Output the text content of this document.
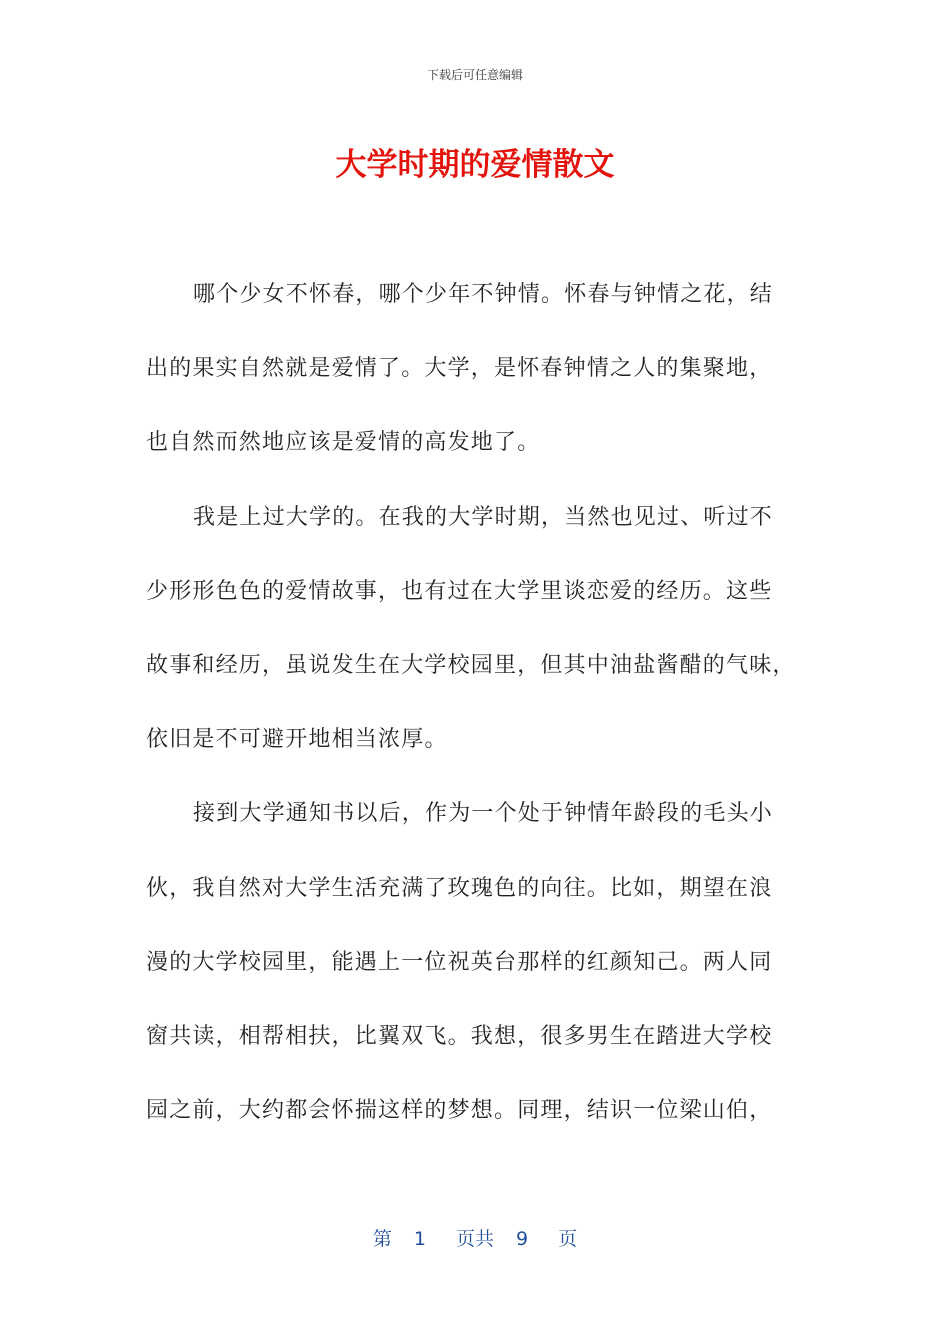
下载后可任意编辑
大学时期的爱情散文
哪个少女不怀春，哪个少年不钟情。怀春与钟情之花，结
出的果实自然就是爱情了。大学，是怀春钟情之人的集聚地，
也自然而然地应该是爱情的高发地了。
我是上过大学的。在我的大学时期，当然也见过、听过不
少形形色色的爱情故事，也有过在大学里谈恋爱的经历。这些
故事和经历，虽说发生在大学校园里，但其中油盐酱醋的气味，
依旧是不可避开地相当浓厚。
接到大学通知书以后，作为一个处于钟情年龄段的毛头小
伙，我自然对大学生活充满了玫瑰色的向往。比如，期望在浪
漫的大学校园里，能遇上一位祝英台那样的红颜知己。两人同
窗共读，相帮相扶，比翼双飞。我想，很多男生在踏进大学校
园之前，大约都会怀揣这样的梦想。同理，结识一位梁山伯，
第 1 页共 9 页
